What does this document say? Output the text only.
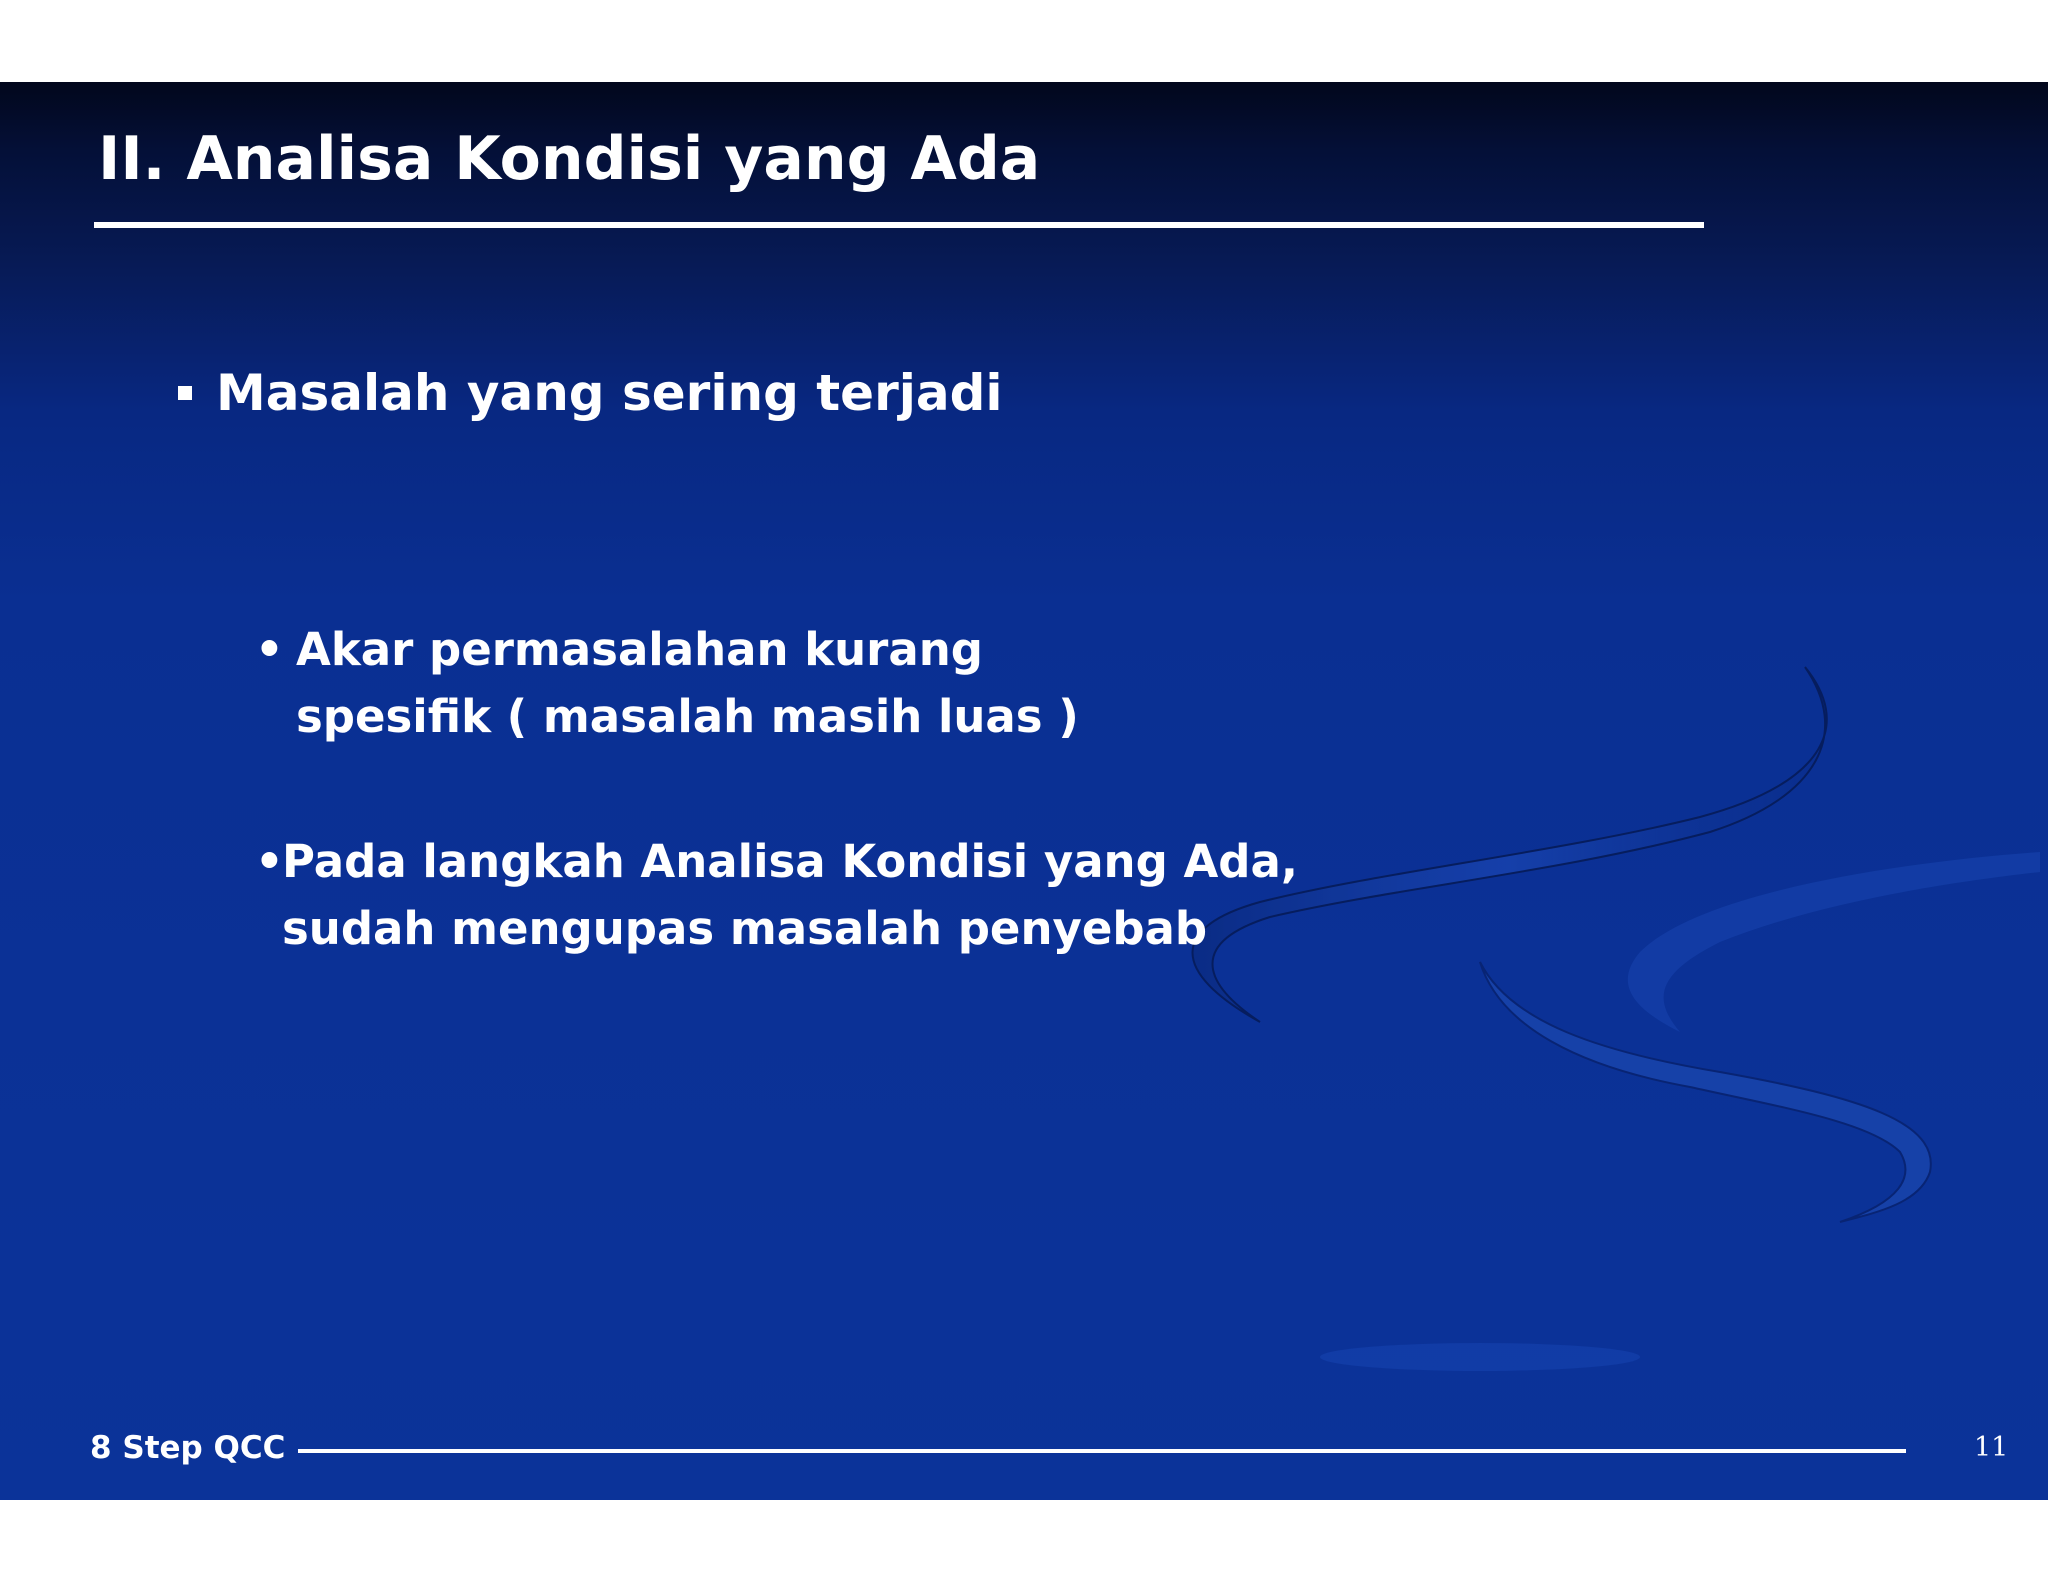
II. Analisa Kondisi yang Ada
Masalah yang sering terjadi
• Akar permasalahan kurang
spesifik ( masalah masih luas )
•
Pada langkah Analisa Kondisi yang Ada,
sudah mengupas masalah penyebab
8 Step QCC	11
